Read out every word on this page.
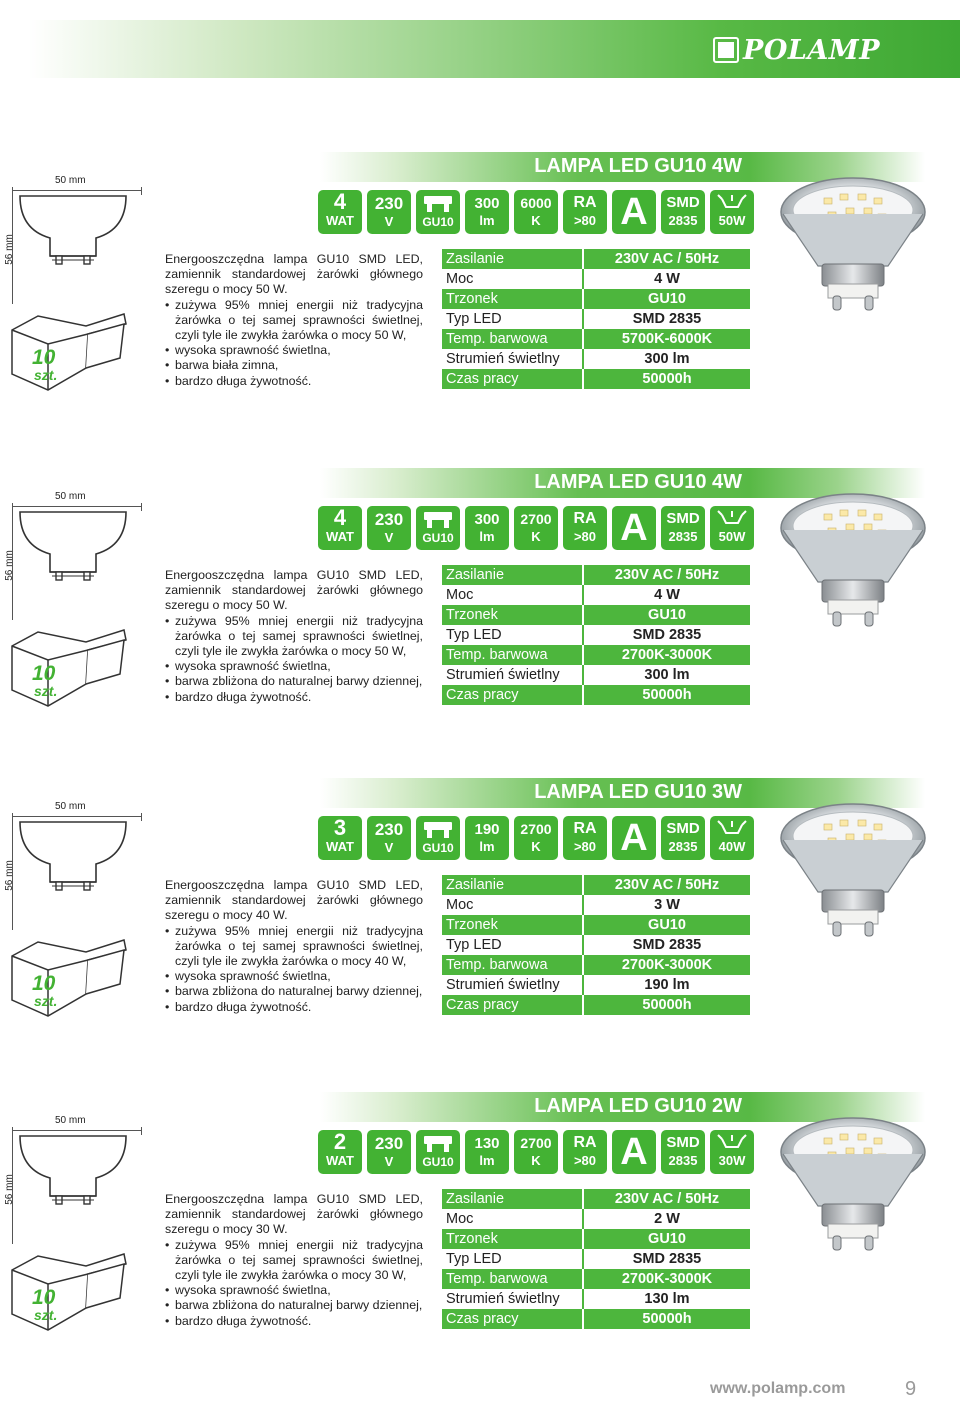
POLAMP
LAMPA LED GU10 4W
50 mm
56 mm
10
szt.
4
WAT
230
V	GU10
300
lm
6000
K
RA
>80 A	SMD
2835	50W

Energooszczędna lampa GU10 SMD LED, zamiennik standardowej żarówki głównego szeregu o mocy 50 W.

• zużywa 95% mniej energii niż tradycyjna żarówka o tej samej sprawności świetlnej, czyli tyle ile zwykła żarówka o mocy 50 W,
• wysoka sprawność świetlna,
• barwa biała zimna,
• bardzo długa żywotność.
Zasilanie	230V AC / 50Hz
Moc	4 W
Trzonek	GU10
Typ LED	SMD 2835
Temp. barwowa	5700K-6000K
Strumień świetlny	300 lm
Czas pracy	50000h
LAMPA LED GU10 4W
50 mm
56 mm
10
szt.
4
WAT
230
V	GU10
300
lm
2700
K
RA
>80 A	SMD
2835	50W

Energooszczędna lampa GU10 SMD LED, zamiennik standardowej żarówki głównego szeregu o mocy 50 W.

• zużywa 95% mniej energii niż tradycyjna żarówka o tej samej sprawności świetlnej, czyli tyle ile zwykła żarówka o mocy 50 W,
• wysoka sprawność świetlna,
• barwa zbliżona do naturalnej barwy dziennej,
• bardzo długa żywotność.
Zasilanie	230V AC / 50Hz
Moc	4 W
Trzonek	GU10
Typ LED	SMD 2835
Temp. barwowa	2700K-3000K
Strumień świetlny	300 lm
Czas pracy	50000h
LAMPA LED GU10 3W
50 mm
56 mm
10
szt.
3
WAT
230
V	GU10
190
lm
2700
K
RA
>80 A	SMD
2835	40W

Energooszczędna lampa GU10 SMD LED, zamiennik standardowej żarówki głównego szeregu o mocy 40 W.

• zużywa 95% mniej energii niż tradycyjna żarówka o tej samej sprawności świetlnej, czyli tyle ile zwykła żarówka o mocy 40 W,
• wysoka sprawność świetlna,
• barwa zbliżona do naturalnej barwy dziennej,
• bardzo długa żywotność.
Zasilanie	230V AC / 50Hz
Moc	3 W
Trzonek	GU10
Typ LED	SMD 2835
Temp. barwowa	2700K-3000K
Strumień świetlny	190 lm
Czas pracy	50000h
LAMPA LED GU10 2W
50 mm
56 mm
10
szt.
2
WAT
230
V	GU10
130
lm
2700
K
RA
>80 A	SMD
2835	30W

Energooszczędna lampa GU10 SMD LED, zamiennik standardowej żarówki głównego szeregu o mocy 30 W.

• zużywa 95% mniej energii niż tradycyjna żarówka o tej samej sprawności świetlnej, czyli tyle ile zwykła żarówka o mocy 30 W,
• wysoka sprawność świetlna,
• barwa zbliżona do naturalnej barwy dziennej,
• bardzo długa żywotność.
Zasilanie	230V AC / 50Hz
Moc	2 W
Trzonek	GU10
Typ LED	SMD 2835
Temp. barwowa	2700K-3000K
Strumień świetlny	130 lm
Czas pracy	50000h
www.polamp.com	9
